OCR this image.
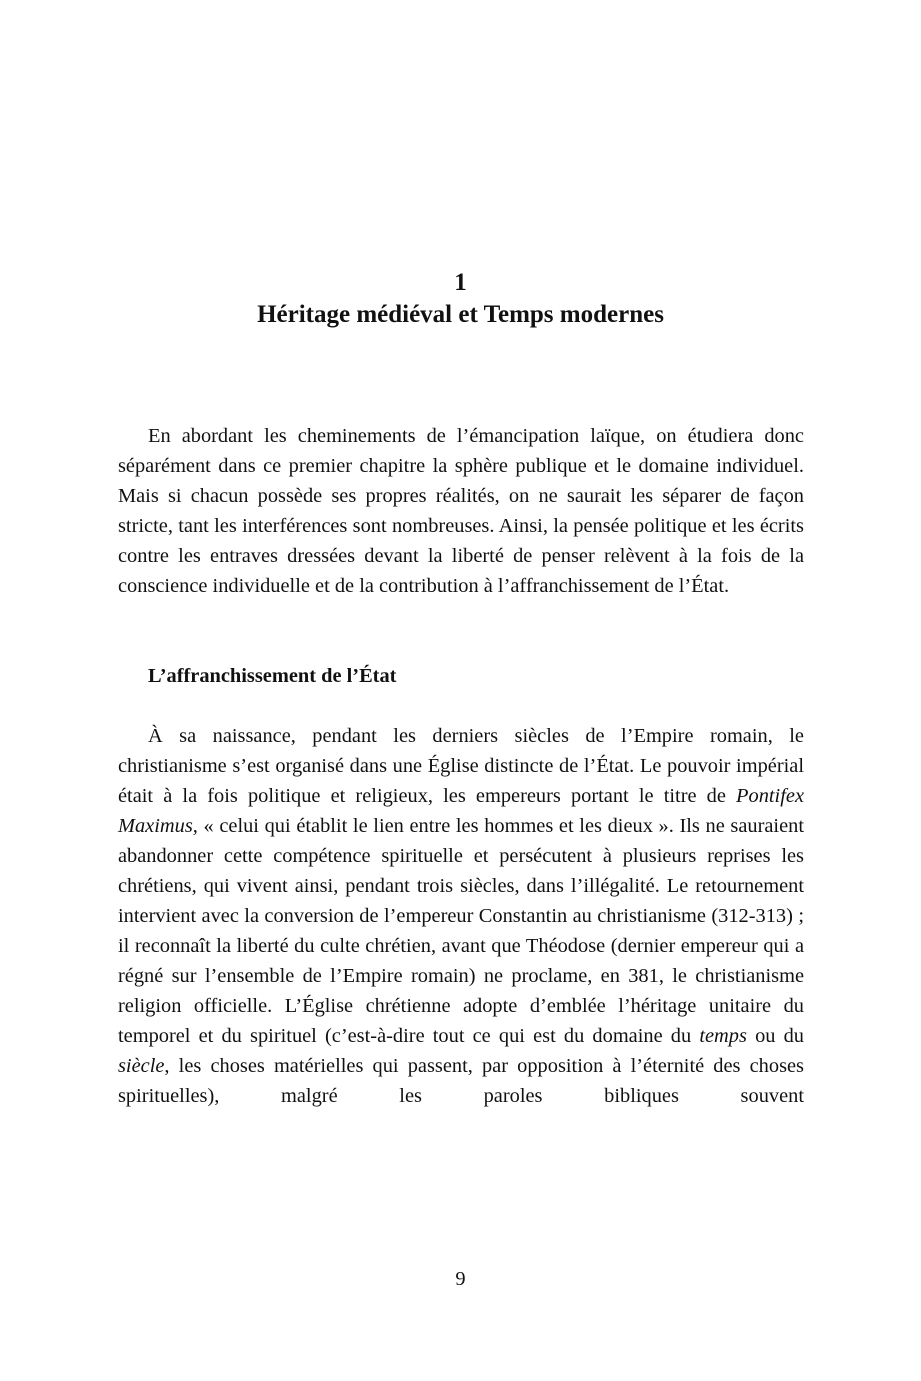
1
Héritage médiéval et Temps modernes

En abordant les cheminements de l’émancipation laïque, on étudiera donc séparément dans ce premier chapitre la sphère publique et le domaine individuel. Mais si chacun possède ses propres réalités, on ne saurait les séparer de façon stricte, tant les interférences sont nombreuses. Ainsi, la pensée politique et les écrits contre les entraves dressées devant la liberté de penser relèvent à la fois de la conscience individuelle et de la contribution à l’affranchissement de l’État.

L’affranchissement de l’État

À sa naissance, pendant les derniers siècles de l’Empire romain, le christianisme s’est organisé dans une Église distincte de l’État. Le pouvoir impérial était à la fois politique et religieux, les empereurs portant le titre de Pontifex Maximus, « celui qui établit le lien entre les hommes et les dieux ». Ils ne sauraient abandonner cette compétence spirituelle et persécutent à plusieurs reprises les chrétiens, qui vivent ainsi, pendant trois siècles, dans l’illégalité. Le retournement intervient avec la conversion de l’empereur Constantin au christianisme (312-313) ; il reconnaît la liberté du culte chrétien, avant que Théodose (dernier empereur qui a régné sur l’ensemble de l’Empire romain) ne proclame, en 381, le christianisme religion officielle. L’Église chrétienne adopte d’emblée l’héritage unitaire du temporel et du spirituel (c’est-à-dire tout ce qui est du domaine du temps ou du siècle, les choses matérielles qui passent, par opposition à l’éternité des choses spirituelles), malgré les paroles bibliques souvent

9
